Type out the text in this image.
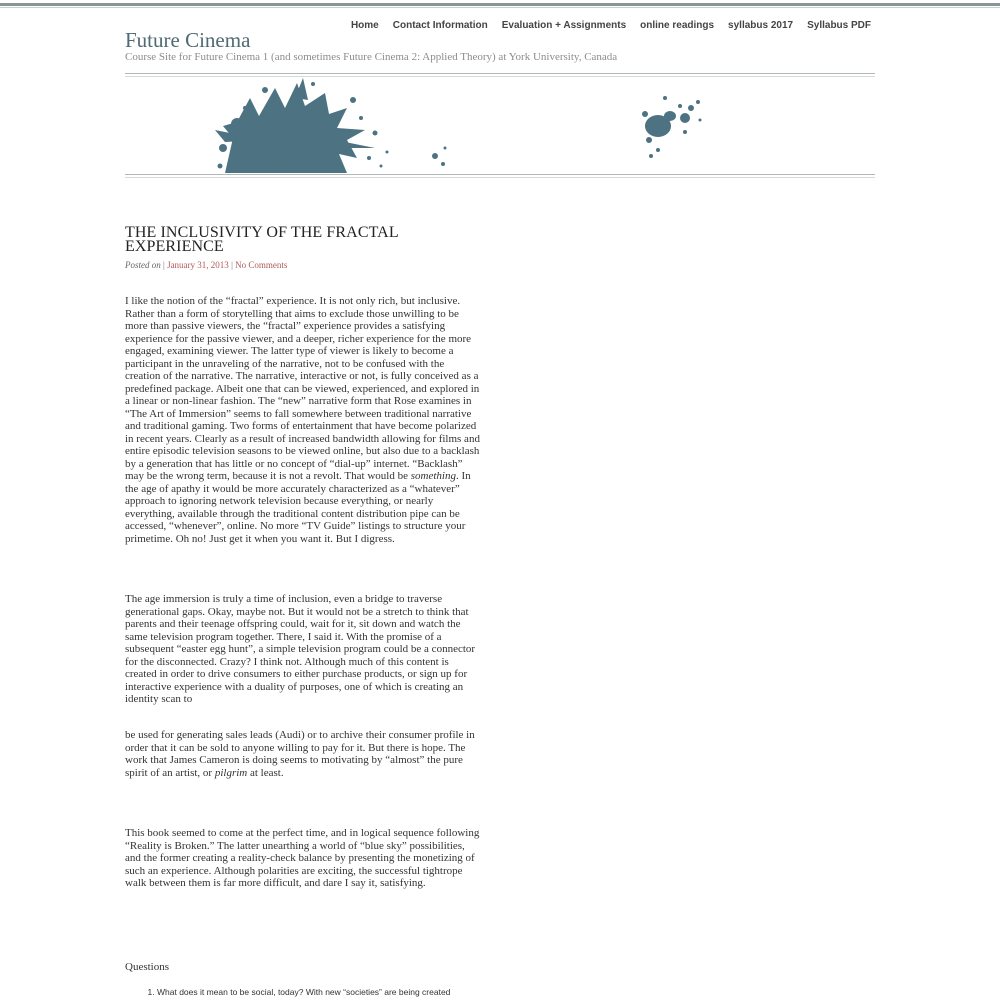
Home Contact Information Evaluation + Assignments online readings syllabus 2017 Syllabus PDF
Future Cinema

Course Site for Future Cinema 1 (and sometimes Future Cinema 2: Applied Theory) at York University, Canada

THE INCLUSIVITY OF THE FRACTAL EXPERIENCE
Posted on | January 31, 2013 | No Comments

I like the notion of the “fractal” experience. It is not only rich, but inclusive. Rather than a form of storytelling that aims to exclude those unwilling to be more than passive viewers, the “fractal” experience provides a satisfying experience for the passive viewer, and a deeper, richer experience for the more engaged, examining viewer. The latter type of viewer is likely to become a participant in the unraveling of the narrative, not to be confused with the creation of the narrative. The narrative, interactive or not, is fully conceived as a predefined package. Albeit one that can be viewed, experienced, and explored in a linear or non-linear fashion. The “new” narrative form that Rose examines in “The Art of Immersion” seems to fall somewhere between traditional narrative and traditional gaming. Two forms of entertainment that have become polarized in recent years. Clearly as a result of increased bandwidth allowing for films and entire episodic television seasons to be viewed online, but also due to a backlash by a generation that has little or no concept of “dial-up” internet. “Backlash” may be the wrong term, because it is not a revolt. That would be something. In the age of apathy it would be more accurately characterized as a “whatever” approach to ignoring network television because everything, or nearly everything, available through the traditional content distribution pipe can be accessed, “whenever”, online. No more “TV Guide” listings to structure your primetime. Oh no! Just get it when you want it. But I digress.

The age immersion is truly a time of inclusion, even a bridge to traverse generational gaps. Okay, maybe not. But it would not be a stretch to think that parents and their teenage offspring could, wait for it, sit down and watch the same television program together. There, I said it. With the promise of a subsequent “easter egg hunt”, a simple television program could be a connector for the disconnected. Crazy? I think not. Although much of this content is created in order to drive consumers to either purchase products, or sign up for interactive experience with a duality of purposes, one of which is creating an identity scan to

be used for generating sales leads (Audi) or to archive their consumer profile in order that it can be sold to anyone willing to pay for it. But there is hope. The work that James Cameron is doing seems to motivating by “almost” the pure spirit of an artist, or pilgrim at least.

This book seemed to come at the perfect time, and in logical sequence following “Reality is Broken.” The latter unearthing a world of “blue sky” possibilities, and the former creating a reality-check balance by presenting the monetizing of such an experience. Although polarities are exciting, the successful tightrope walk between them is far more difficult, and dare I say it, satisfying.

Questions

1. What does it mean to be social, today? With new “societies” are being created
